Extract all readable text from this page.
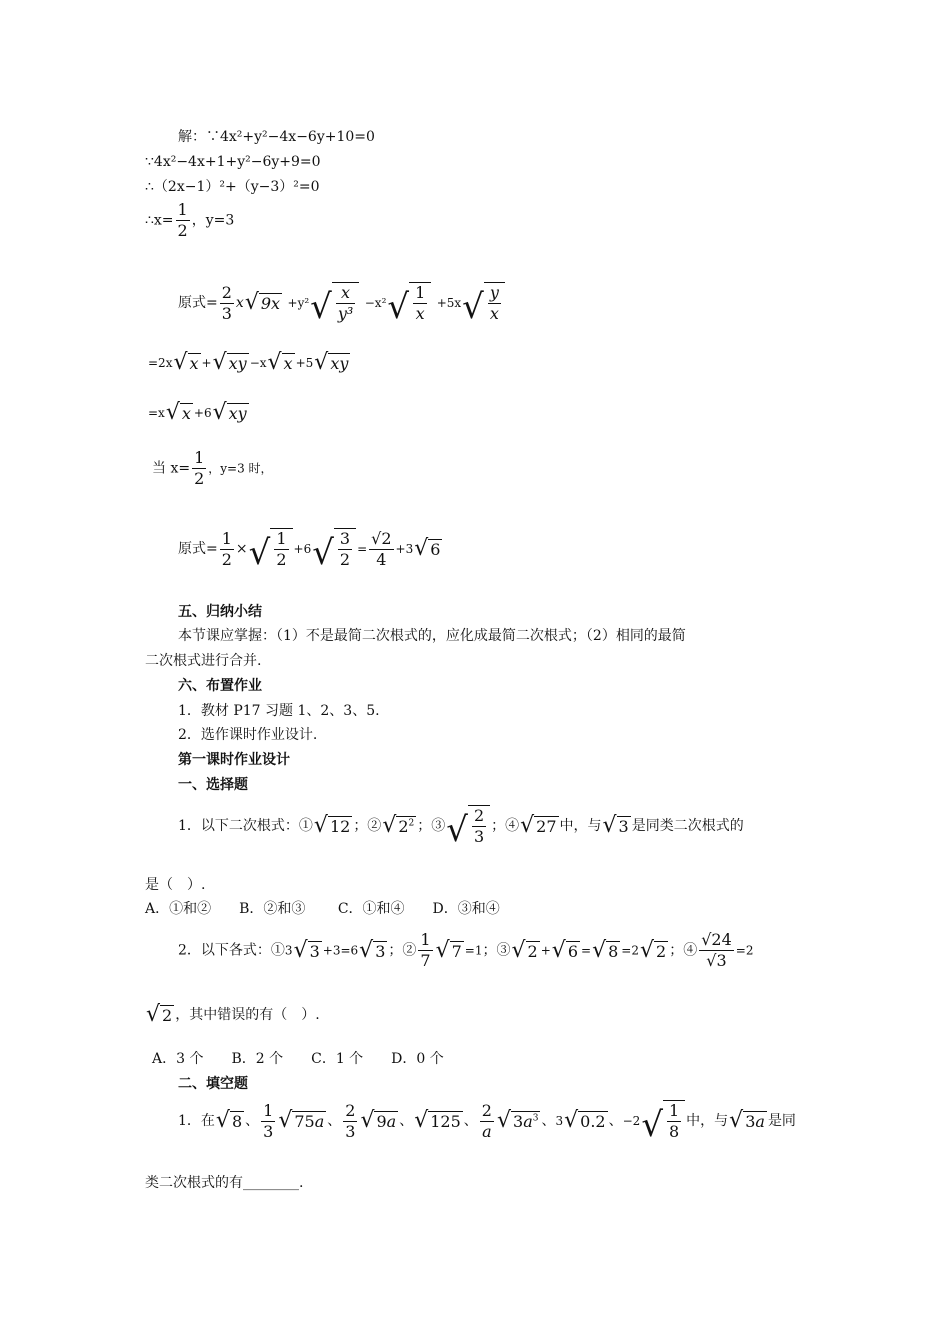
解：∵4x²+y²−4x−6y+10=0
∵4x²−4x+1+y²−6y+9=0
∴（2x−1）²+（y−3）²=0
∴x= $\frac{1}{2}$ ，y=3
原式= $\frac{2}{3} x√$ $9x +y^2√ \frac{x}{\text{y³}} -x^2√ \frac{1}{x} +5x√ \frac{y}{x}$
=2x√ x +√ xy −x√ x +5√ xy
=x√ x +6√ xy
当 $x= \frac{1}{2}$ ，y=3 时，
原式= $\frac{1}{2}$ ×√ $\frac{1}{2} +6√ \frac{3}{2} = \frac{√2}{4} +3√$ 6
五、归纳小结
本节课应掌握：（1）不是最简二次根式的，应化成最简二次根式；（2）相同的最简
二次根式进行合并.
六、布置作业
1．教材 P17 习题 1、2、3、5.
2．选作课时作业设计.
第一课时作业设计
一、选择题
1．以下二次根式：①√ 12 ；②√ $2^2$ ；③√ $\frac{2}{3}$ ；④√ 27 中，与√ 3 是同类二次根式的
是（　）.
A．①和②　　B．②和③　　 C．①和④　　D．③和④
2．以下各式：①3√ 3 +3=6√ 3 ；② $\frac{1}{7}$ √ 7 =1；③√ 2 +√ 6 =√ 8 =2√ 2 ；④ $\frac{√24}{√3} =2$
√ 2 ，其中错误的有（　）.
A．3 个　　B．2 个　　C．1 个　　D．0 个
二、填空题
1．在√ 8 、 $\frac{1}{3}$ √ 75a 、 $\frac{2}{3}$ √ 9a 、√ 125 、 $\frac{2}{a}$ √ $3a^3$ 、3√ 0.2 、$-2√ \frac{1}{8}$ 中，与√ 3a 是同
类二次根式的有________.
